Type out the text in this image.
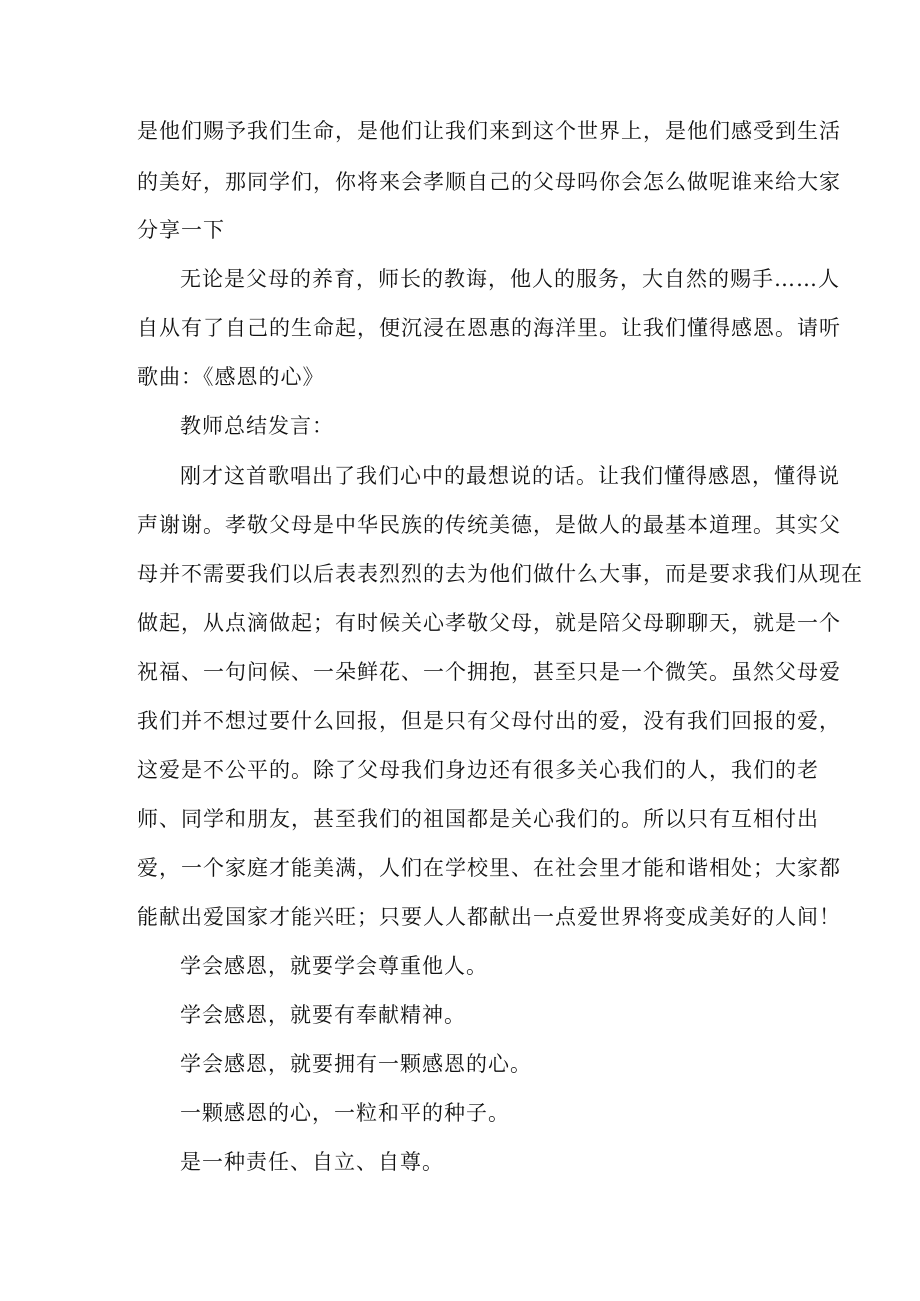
是他们赐予我们生命，是他们让我们来到这个世界上，是他们感受到生活
的美好，那同学们，你将来会孝顺自己的父母吗你会怎么做呢谁来给大家
分享一下
无论是父母的养育，师长的教诲，他人的服务，大自然的赐手……人
自从有了自己的生命起，便沉浸在恩惠的海洋里。让我们懂得感恩。请听
歌曲：《感恩的心》
教师总结发言：
刚才这首歌唱出了我们心中的最想说的话。让我们懂得感恩，懂得说
声谢谢。孝敬父母是中华民族的传统美德，是做人的最基本道理。其实父
母并不需要我们以后表表烈烈的去为他们做什么大事，而是要求我们从现在
做起，从点滴做起；有时候关心孝敬父母，就是陪父母聊聊天，就是一个
祝福、一句问候、一朵鲜花、一个拥抱，甚至只是一个微笑。虽然父母爱
我们并不想过要什么回报，但是只有父母付出的爱，没有我们回报的爱，
这爱是不公平的。除了父母我们身边还有很多关心我们的人，我们的老
师、同学和朋友，甚至我们的祖国都是关心我们的。所以只有互相付出
爱，一个家庭才能美满，人们在学校里、在社会里才能和谐相处；大家都
能献出爱国家才能兴旺；只要人人都献出一点爱世界将变成美好的人间！
学会感恩，就要学会尊重他人。
学会感恩，就要有奉献精神。
学会感恩，就要拥有一颗感恩的心。
一颗感恩的心，一粒和平的种子。
是一种责任、自立、自尊。
